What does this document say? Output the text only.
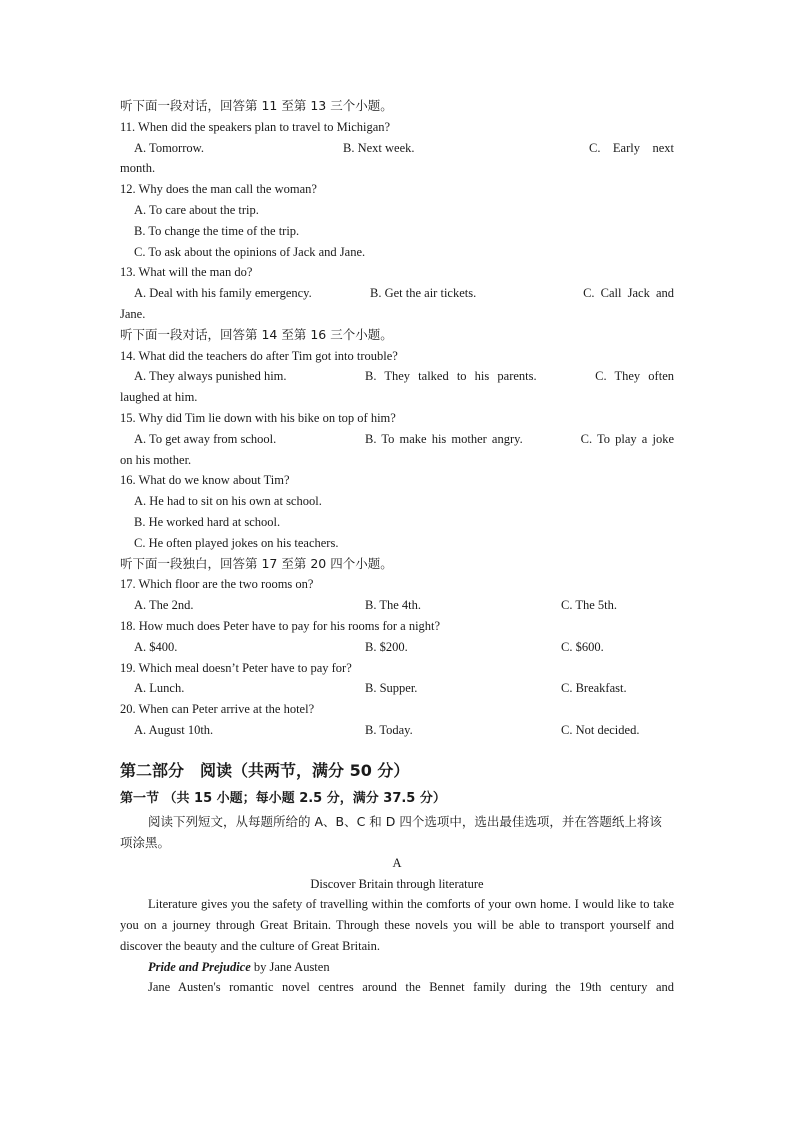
听下面一段对话，回答第 11 至第 13 三个小题。
11. When did the speakers plan to travel to Michigan?
A. Tomorrow.	B. Next week.	C. Early next
month.
12. Why does the man call the woman?
A. To care about the trip.
B. To change the time of the trip.
C. To ask about the opinions of Jack and Jane.
13. What will the man do?
A. Deal with his family emergency.	B. Get the air tickets.	C. Call Jack and
Jane.
听下面一段对话，回答第 14 至第 16 三个小题。
14. What did the teachers do after Tim got into trouble?
A. They always punished him.	B. They talked to his parents.	C. They often
laughed at him.
15. Why did Tim lie down with his bike on top of him?
A. To get away from school.	B. To make his mother angry.	C. To play a joke
on his mother.
16. What do we know about Tim?
A. He had to sit on his own at school.
B. He worked hard at school.
C. He often played jokes on his teachers.
听下面一段独白，回答第 17 至第 20 四个小题。
17. Which floor are the two rooms on?
A. The 2nd.	B. The 4th.	C. The 5th.
18. How much does Peter have to pay for his rooms for a night?
A. $400.	B. $200.	C. $600.
19. Which meal doesn’t Peter have to pay for?
A. Lunch.	B. Supper.	C. Breakfast.
20. When can Peter arrive at the hotel?
A. August 10th.	B. Today.	C. Not decided.
第二部分　阅读（共两节，满分 50 分）
第一节 （共 15 小题；每小题 2.5 分，满分 37.5 分）
阅读下列短文，从每题所给的 A、B、C 和 D 四个选项中，选出最佳选项，并在答题纸上将该项涂黑。
A
Discover Britain through literature
Literature gives you the safety of travelling within the comforts of your own home. I would like to take you on a journey through Great Britain. Through these novels you will be able to transport yourself and discover the beauty and the culture of Great Britain.
Pride and Prejudice by Jane Austen
Jane Austen's romantic novel centres around the Bennet family during the 19th century and
